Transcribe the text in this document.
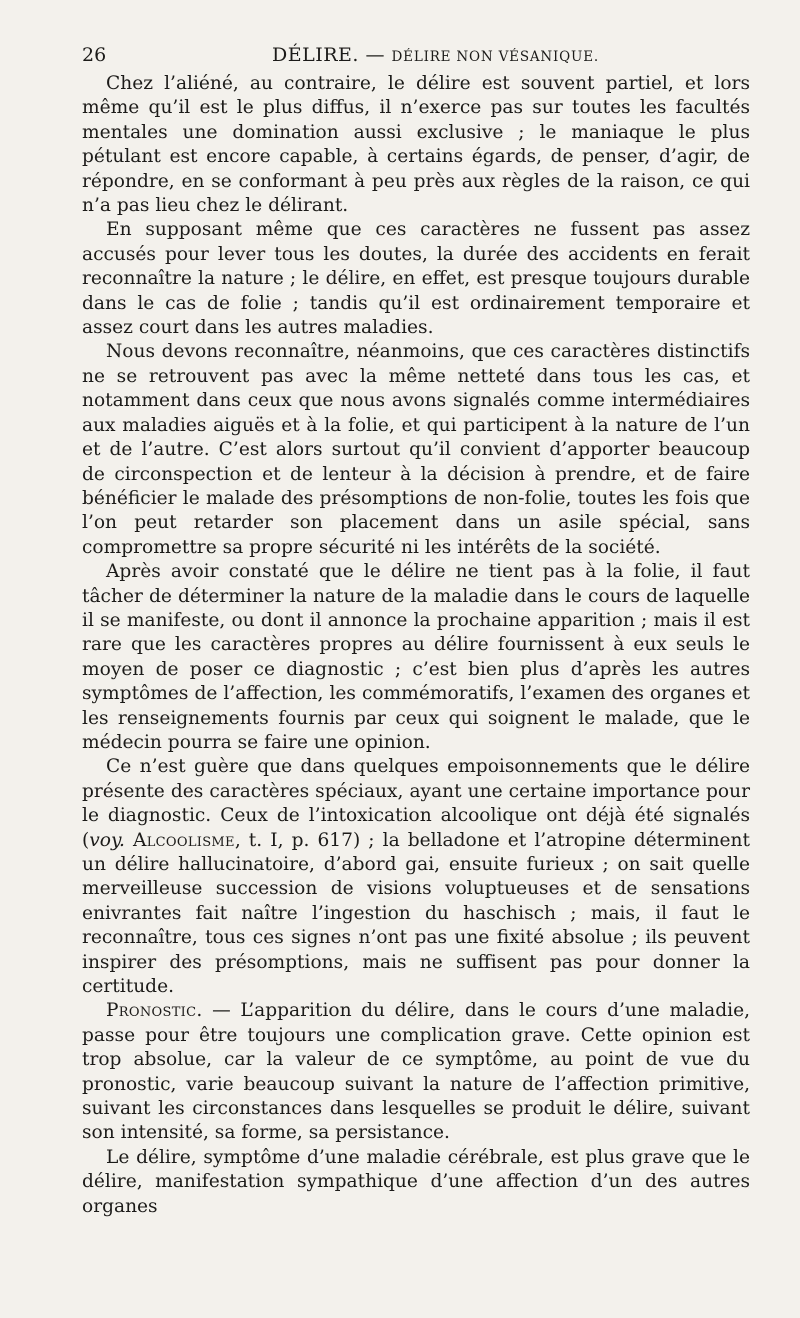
26	DÉLIRE. — DÉLIRE NON VÉSANIQUE.

Chez l’aliéné, au contraire, le délire est souvent partiel, et lors même qu’il est le plus diffus, il n’exerce pas sur toutes les facultés mentales une domination aussi exclusive ; le maniaque le plus pétulant est encore capable, à certains égards, de penser, d’agir, de répondre, en se conformant à peu près aux règles de la raison, ce qui n’a pas lieu chez le délirant.

En supposant même que ces caractères ne fussent pas assez accusés pour lever tous les doutes, la durée des accidents en ferait reconnaître la nature ; le délire, en effet, est presque toujours durable dans le cas de folie ; tandis qu’il est ordinairement temporaire et assez court dans les autres maladies.

Nous devons reconnaître, néanmoins, que ces caractères distinctifs ne se retrouvent pas avec la même netteté dans tous les cas, et notamment dans ceux que nous avons signalés comme intermédiaires aux maladies aiguës et à la folie, et qui participent à la nature de l’un et de l’autre. C’est alors surtout qu’il convient d’apporter beaucoup de circonspection et de lenteur à la décision à prendre, et de faire bénéficier le malade des présomptions de non-folie, toutes les fois que l’on peut retarder son placement dans un asile spécial, sans compromettre sa propre sécurité ni les intérêts de la société.

Après avoir constaté que le délire ne tient pas à la folie, il faut tâcher de déterminer la nature de la maladie dans le cours de laquelle il se manifeste, ou dont il annonce la prochaine apparition ; mais il est rare que les caractères propres au délire fournissent à eux seuls le moyen de poser ce diagnostic ; c’est bien plus d’après les autres symptômes de l’affection, les commémoratifs, l’examen des organes et les renseignements fournis par ceux qui soignent le malade, que le médecin pourra se faire une opinion.

Ce n’est guère que dans quelques empoisonnements que le délire présente des caractères spéciaux, ayant une certaine importance pour le diagnostic. Ceux de l’intoxication alcoolique ont déjà été signalés (voy. Alcoolisme, t. I, p. 617) ; la belladone et l’atropine déterminent un délire hallucinatoire, d’abord gai, ensuite furieux ; on sait quelle merveilleuse succession de visions voluptueuses et de sensations enivrantes fait naître l’ingestion du haschisch ; mais, il faut le reconnaître, tous ces signes n’ont pas une fixité absolue ; ils peuvent inspirer des présomptions, mais ne suffisent pas pour donner la certitude.

Pronostic. — L’apparition du délire, dans le cours d’une maladie, passe pour être toujours une complication grave. Cette opinion est trop absolue, car la valeur de ce symptôme, au point de vue du pronostic, varie beaucoup suivant la nature de l’affection primitive, suivant les circonstances dans lesquelles se produit le délire, suivant son intensité, sa forme, sa persistance.

Le délire, symptôme d’une maladie cérébrale, est plus grave que le délire, manifestation sympathique d’une affection d’un des autres organes
